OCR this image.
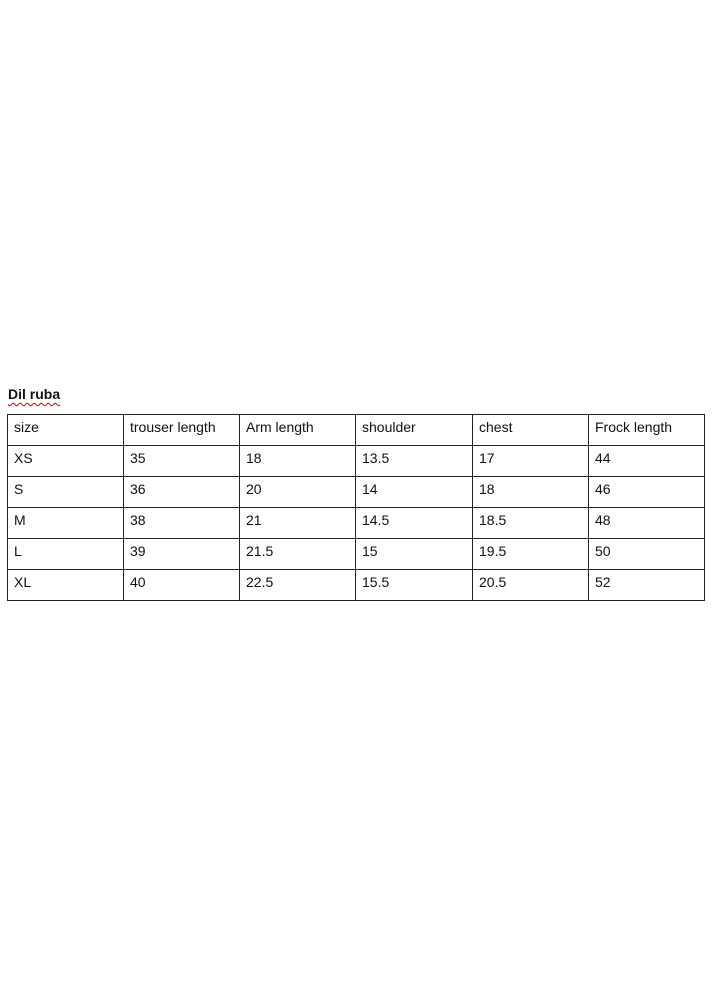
Dil ruba
size	trouser length	Arm length	shoulder	chest	Frock length
XS	35	18	13.5	17	44
S	36	20	14	18	46
M	38	21	14.5	18.5	48
L	39	21.5	15	19.5	50
XL	40	22.5	15.5	20.5	52
